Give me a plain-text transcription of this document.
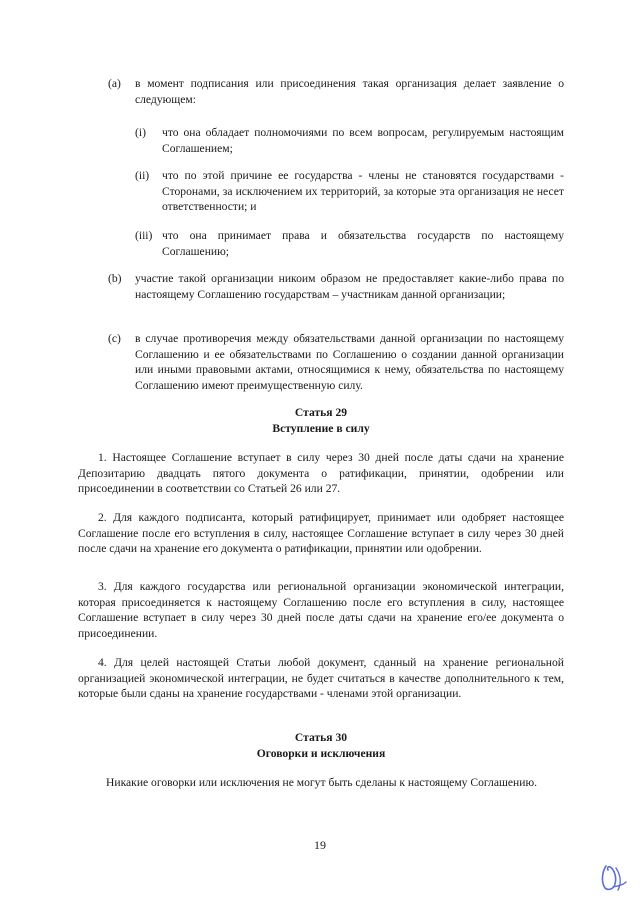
(a) в момент подписания или присоединения такая организация делает заявление о следующем:
(i) что она обладает полномочиями по всем вопросам, регулируемым настоящим Соглашением;
(ii) что по этой причине ее государства - члены не становятся государствами - Сторонами, за исключением их территорий, за которые эта организация не несет ответственности; и
(iii) что она принимает права и обязательства государств по настоящему Соглашению;
(b) участие такой организации никоим образом не предоставляет какие-либо права по настоящему Соглашению государствам – участникам данной организации;
(c) в случае противоречия между обязательствами данной организации по настоящему Соглашению и ее обязательствами по Соглашению о создании данной организации или иными правовыми актами, относящимися к нему, обязательства по настоящему Соглашению имеют преимущественную силу.
Статья 29
Вступление в силу
1. Настоящее Соглашение вступает в силу через 30 дней после даты сдачи на хранение Депозитарию двадцать пятого документа о ратификации, принятии, одобрении или присоединении в соответствии со Статьей 26 или 27.
2. Для каждого подписанта, который ратифицирует, принимает или одобряет настоящее Соглашение после его вступления в силу, настоящее Соглашение вступает в силу через 30 дней после сдачи на хранение его документа о ратификации, принятии или одобрении.
3. Для каждого государства или региональной организации экономической интеграции, которая присоединяется к настоящему Соглашению после его вступления в силу, настоящее Соглашение вступает в силу через 30 дней после даты сдачи на хранение его/ее документа о присоединении.
4. Для целей настоящей Статьи любой документ, сданный на хранение региональной организацией экономической интеграции, не будет считаться в качестве дополнительного к тем, которые были сданы на хранение государствами - членами этой организации.
Статья 30
Оговорки и исключения
Никакие оговорки или исключения не могут быть сделаны к настоящему Соглашению.
19
